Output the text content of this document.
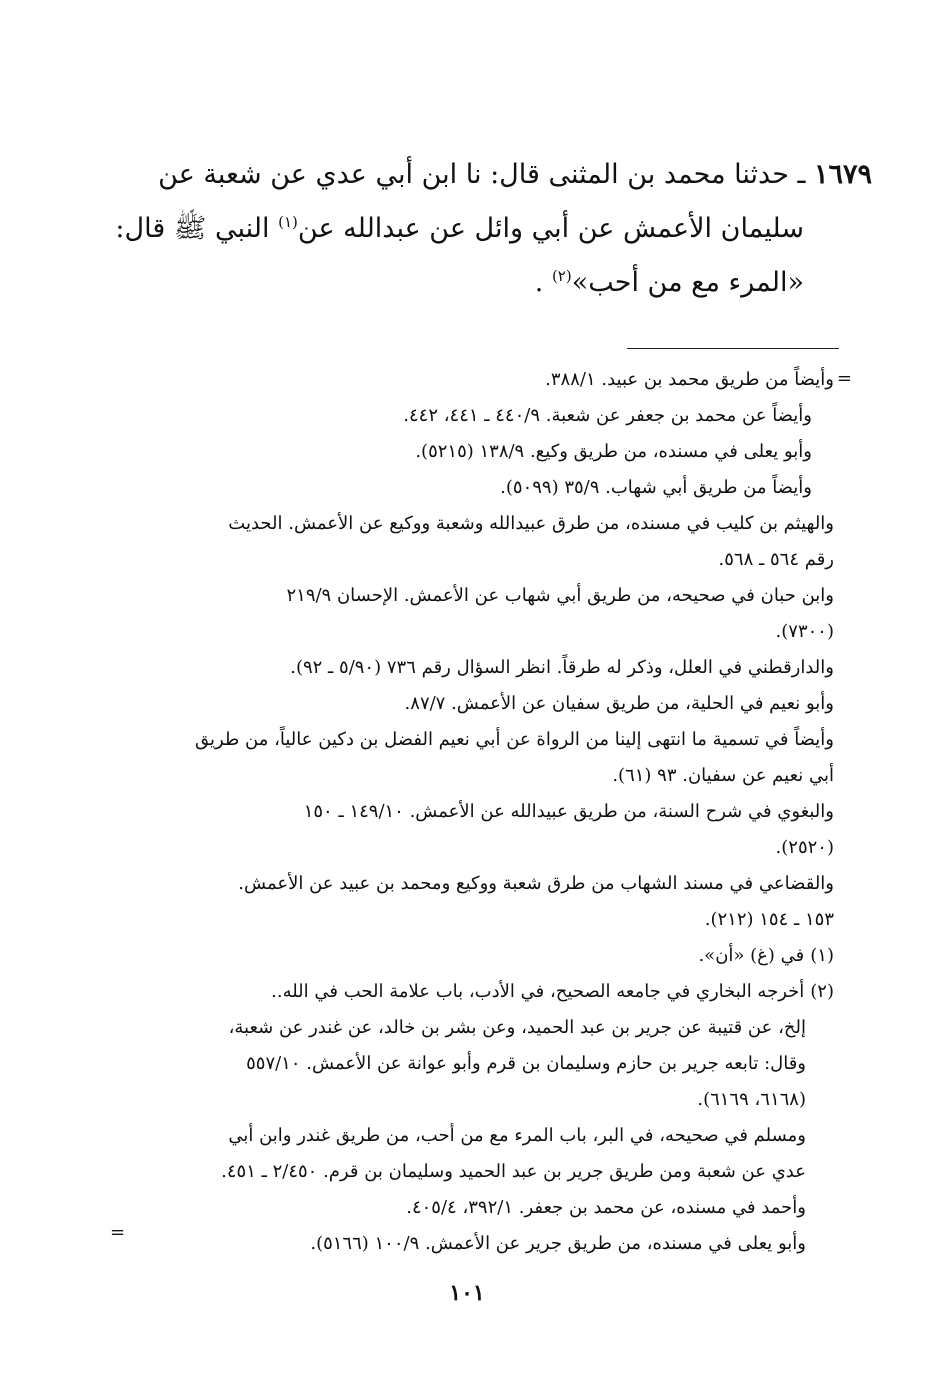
١٦٧٩ ـ حدثنا محمد بن المثنى قال: نا ابن أبي عدي عن شعبة عن
سليمان الأعمش عن أبي وائل عن عبدالله عن$^{(١)}$ النبي ﷺ قال:
«المرء مع من أحب»$^{(٢)}$ .
=
وأيضاً من طريق محمد بن عبيد. ٣٨٨/١.
وأيضاً عن محمد بن جعفر عن شعبة. ٤٤٠/٩ ـ ٤٤١، ٤٤٢.
وأبو يعلى في مسنده، من طريق وكيع. ١٣٨/٩ (٥٢١٥).
وأيضاً من طريق أبي شهاب. ٣٥/٩ (٥٠٩٩).
والهيثم بن كليب في مسنده، من طرق عبيدالله وشعبة ووكيع عن الأعمش. الحديث
رقم ٥٦٤ ـ ٥٦٨.
وابن حبان في صحيحه، من طريق أبي شهاب عن الأعمش. الإحسان ٢١٩/٩
(٧٣٠٠).
والدارقطني في العلل، وذكر له طرقاً. انظر السؤال رقم ٧٣٦ (٥/٩٠ ـ ٩٢).
وأبو نعيم في الحلية، من طريق سفيان عن الأعمش. ٨٧/٧.
وأيضاً في تسمية ما انتهى إلينا من الرواة عن أبي نعيم الفضل بن دكين عالياً، من طريق
أبي نعيم عن سفيان. ٩٣ (٦١).
والبغوي في شرح السنة، من طريق عبيدالله عن الأعمش. ١٤٩/١٠ ـ ١٥٠
(٢٥٢٠).
والقضاعي في مسند الشهاب من طرق شعبة ووكيع ومحمد بن عبيد عن الأعمش.
١٥٣ ـ ١٥٤ (٢١٢).
(١)في (غ) «أن».
(٢)أخرجه البخاري في جامعه الصحيح، في الأدب، باب علامة الحب في الله..
إلخ، عن قتيبة عن جرير بن عبد الحميد، وعن بشر بن خالد، عن غندر عن شعبة،
وقال: تابعه جرير بن حازم وسليمان بن قرم وأبو عوانة عن الأعمش. ٥٥٧/١٠
(٦١٦٨، ٦١٦٩).
ومسلم في صحيحه، في البر، باب المرء مع من أحب، من طريق غندر وابن أبي
عدي عن شعبة ومن طريق جرير بن عبد الحميد وسليمان بن قرم. ٢/٤٥٠ ـ ٤٥١.
وأحمد في مسنده، عن محمد بن جعفر. ٣٩٢/١، ٤٠٥/٤.
وأبو يعلى في مسنده، من طريق جرير عن الأعمش. ١٠٠/٩ (٥١٦٦).
=
١٠١
